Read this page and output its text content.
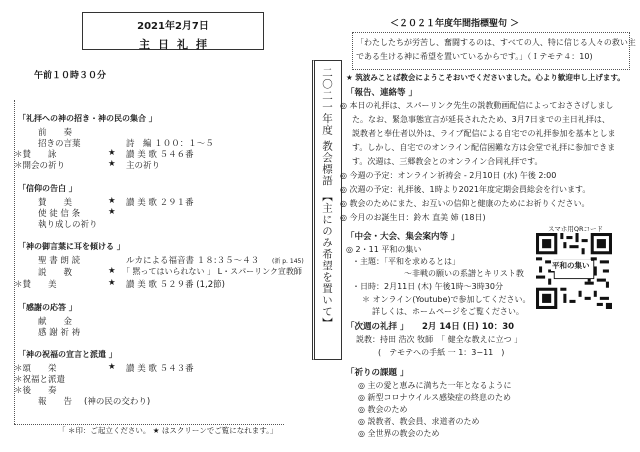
2021年2月7日
主日礼拝
午前１０時３０分
「礼拝への神の招き・神の民の集合 」
前　　奏
招きの言葉	詩　編 １００：１～５
＊賛　　詠	★ 讃 美 歌 ５４６番
＊開会の祈り	★ 主の祈り
「信仰の告白 」
賛　　美	★ 讃 美 歌 ２９１番
使 徒 信 条	★
執り成しの祈り
「神の御言葉に耳を傾ける 」
聖 書 朗 読	ルカによる福音書 １８:３５～４３ (新 p. 145)
説　　教	★ 「 黙ってはいられない 」 L・スパーリンク宣教師
＊賛　　美	★ 讃 美 歌 ５２９番 (1,2節)
「感謝の応答 」
献　　金
感 謝 祈 祷
「神の祝福の宣言と派遣 」
＊頌　　栄	★ 讃 美 歌 ５４３番
＊祝福と派遣
＊後　　奏
報　　告 (神の民の交わり)
「 ＊印：ご起立ください。 ★ はスクリーンでご覧になれます。」
二〇二一年度 教会標語 【主にのみ希望を置いて】
＜２０２１年度年間指標聖句 ＞
「わたしたちが労苦し、奮闘するのは、すべての人、特に信じる人々の救い主
である生ける神に希望を置いているからです。」（Ｉテモテ４：10)
★ 筑波みことば教会にようこそおいでくださいました。心より歓迎申し上げます。
「報告、連絡等 」
◎ 本日の礼拝は、スパーリンク先生の説教動画配信によっておささげしまし
た。なお、緊急事態宣言が延長されたため、3月7日までの主日礼拝は、
説教者と奉仕者以外は、ライブ配信による自宅での礼拝参加を基本としま
す。しかし、自宅でのオンライン配信困難な方は会堂で礼拝に参加できま
す。次週は、三郷教会とのオンライン合同礼拝です。
◎ 今週の予定：オンライン祈祷会 - 2月10日 (水) 午後 2:00
◎ 次週の予定：礼拝後、1時より2021年度定期会員総会を行います。
◎ 教会のためにまた、お互いの信仰と健康のためにお祈りください。
◎ 今月のお誕生日：鈴木 直美 姉 (18日)
「中会・大会、集会案内等 」
◎ 2・11 平和の集い
・主題：「平和を求めるとは」
～非戦の願いの系譜とキリスト教
・日時：2月11日 (木) 午後1時～3時30分
＊ オンライン(Youtube)で参加してください。
詳しくは、ホームページをご覧ください。
スマホ用QRコード
平和の集い
「次週の礼拝 」 2月 14日 (日) 10：30
説教：持田 浩次 牧師　「 健全な教えに立つ 」
(　テモテへの手紙 一 1：3−11　)
「祈りの課題 」
◎ 主の愛と恵みに満ちた一年となるように
◎ 新型コロナウイルス感染症の終息のため
◎ 教会のため
◎ 説教者、教会員、求道者のため
◎ 全世界の教会のため
